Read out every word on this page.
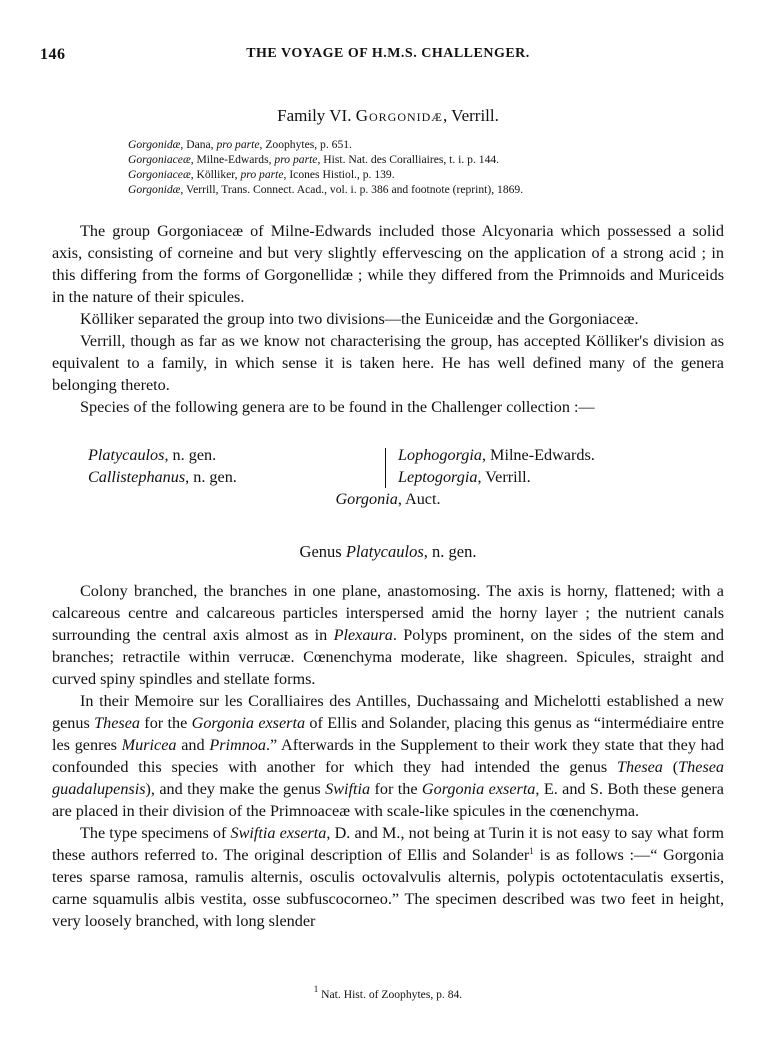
146	THE VOYAGE OF H.M.S. CHALLENGER.
Family VI. Gorgonidæ, Verrill.
Gorgonidæ, Dana, pro parte, Zoophytes, p. 651.
Gorgoniaceæ, Milne-Edwards, pro parte, Hist. Nat. des Coralliaires, t. i. p. 144.
Gorgoniaceæ, Kölliker, pro parte, Icones Histiol., p. 139.
Gorgonidæ, Verrill, Trans. Connect. Acad., vol. i. p. 386 and footnote (reprint), 1869.

The group Gorgoniaceæ of Milne-Edwards included those Alcyonaria which possessed a solid axis, consisting of corneine and but very slightly effervescing on the application of a strong acid ; in this differing from the forms of Gorgonellidæ ; while they differed from the Primnoids and Muriceids in the nature of their spicules.

Kölliker separated the group into two divisions—the Euniceidæ and the Gorgoniaceæ.

Verrill, though as far as we know not characterising the group, has accepted Kölliker's division as equivalent to a family, in which sense it is taken here. He has well defined many of the genera belonging thereto.

Species of the following genera are to be found in the Challenger collection :—

Platycaulos, n. gen.
Callistephanus, n. gen.
Lophogorgia, Milne-Edwards.
Leptogorgia, Verrill.
Gorgonia, Auct.
Genus Platycaulos, n. gen.

Colony branched, the branches in one plane, anastomosing. The axis is horny, flattened; with a calcareous centre and calcareous particles interspersed amid the horny layer ; the nutrient canals surrounding the central axis almost as in Plexaura. Polyps prominent, on the sides of the stem and branches; retractile within verrucæ. Cœnenchyma moderate, like shagreen. Spicules, straight and curved spiny spindles and stellate forms.

In their Memoire sur les Coralliaires des Antilles, Duchassaing and Michelotti established a new genus Thesea for the Gorgonia exserta of Ellis and Solander, placing this genus as “intermédiaire entre les genres Muricea and Primnoa.” Afterwards in the Supplement to their work they state that they had confounded this species with another for which they had intended the genus Thesea (Thesea guadalupensis), and they make the genus Swiftia for the Gorgonia exserta, E. and S. Both these genera are placed in their division of the Primnoaceæ with scale-like spicules in the cœnenchyma.

The type specimens of Swiftia exserta, D. and M., not being at Turin it is not easy to say what form these authors referred to. The original description of Ellis and Solander$^1$ is as follows :—“ Gorgonia teres sparse ramosa, ramulis alternis, osculis octovalvulis alternis, polypis octotentaculatis exsertis, carne squamulis albis vestita, osse subfuscocorneo.” The specimen described was two feet in height, very loosely branched, with long slender

$^1$ Nat. Hist. of Zoophytes, p. 84.
